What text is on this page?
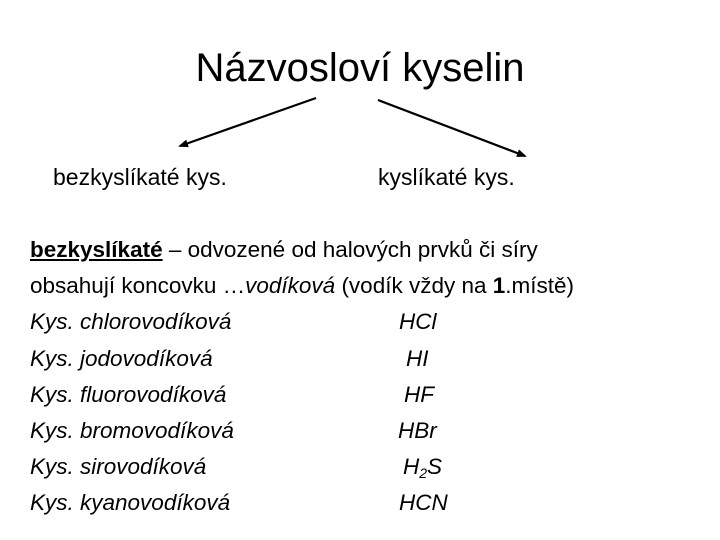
Názvosloví kyselin
bezkyslíkaté kys.	kyslíkaté kys.
bezkyslíkaté – odvozené od halových prvků či síry
obsahují koncovku …vodíková (vodík vždy na 1.místě)
Kys. chlorovodíková	HCl
Kys. jodovodíková	HI
Kys. fluorovodíková	HF
Kys. bromovodíková	HBr
Kys. sirovodíková	$H_2S$
Kys. kyanovodíková	HCN
